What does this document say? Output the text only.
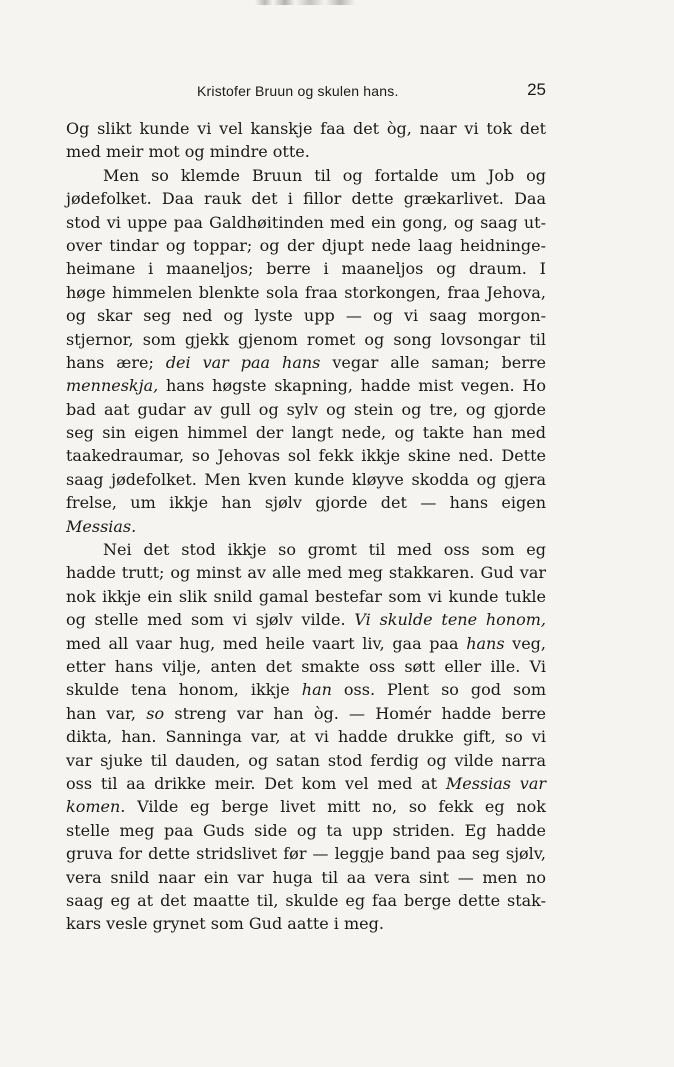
Kristofer Bruun og skulen hans.	25
Og slikt kunde vi vel kanskje faa det òg, naar vi tok det
med meir mot og mindre otte.
Men so klemde Bruun til og fortalde um Job og
jødefolket. Daa rauk det i fillor dette grækarlivet. Daa
stod vi uppe paa Galdhøitinden med ein gong, og saag ut-
over tindar og toppar; og der djupt nede laag heidninge-
heimane i maaneljos; berre i maaneljos og draum. I
høge himmelen blenkte sola fraa storkongen, fraa Jehova,
og skar seg ned og lyste upp — og vi saag morgon-
stjernor, som gjekk gjenom romet og song lovsongar til
hans ære; dei var paa hans vegar alle saman; berre
menneskja, hans høgste skapning, hadde mist vegen. Ho
bad aat gudar av gull og sylv og stein og tre, og gjorde
seg sin eigen himmel der langt nede, og takte han med
taakedraumar, so Jehovas sol fekk ikkje skine ned. Dette
saag jødefolket. Men kven kunde kløyve skodda og gjera
frelse, um ikkje han sjølv gjorde det — hans eigen
Messias.
Nei det stod ikkje so gromt til med oss som eg
hadde trutt; og minst av alle med meg stakkaren. Gud var
nok ikkje ein slik snild gamal bestefar som vi kunde tukle
og stelle med som vi sjølv vilde. Vi skulde tene honom,
med all vaar hug, med heile vaart liv, gaa paa hans veg,
etter hans vilje, anten det smakte oss søtt eller ille. Vi
skulde tena honom, ikkje han oss. Plent so god som
han var, so streng var han òg. — Homér hadde berre
dikta, han. Sanninga var, at vi hadde drukke gift, so vi
var sjuke til dauden, og satan stod ferdig og vilde narra
oss til aa drikke meir. Det kom vel med at Messias var
komen. Vilde eg berge livet mitt no, so fekk eg nok
stelle meg paa Guds side og ta upp striden. Eg hadde
gruva for dette stridslivet før — leggje band paa seg sjølv,
vera snild naar ein var huga til aa vera sint — men no
saag eg at det maatte til, skulde eg faa berge dette stak-
kars vesle grynet som Gud aatte i meg.
